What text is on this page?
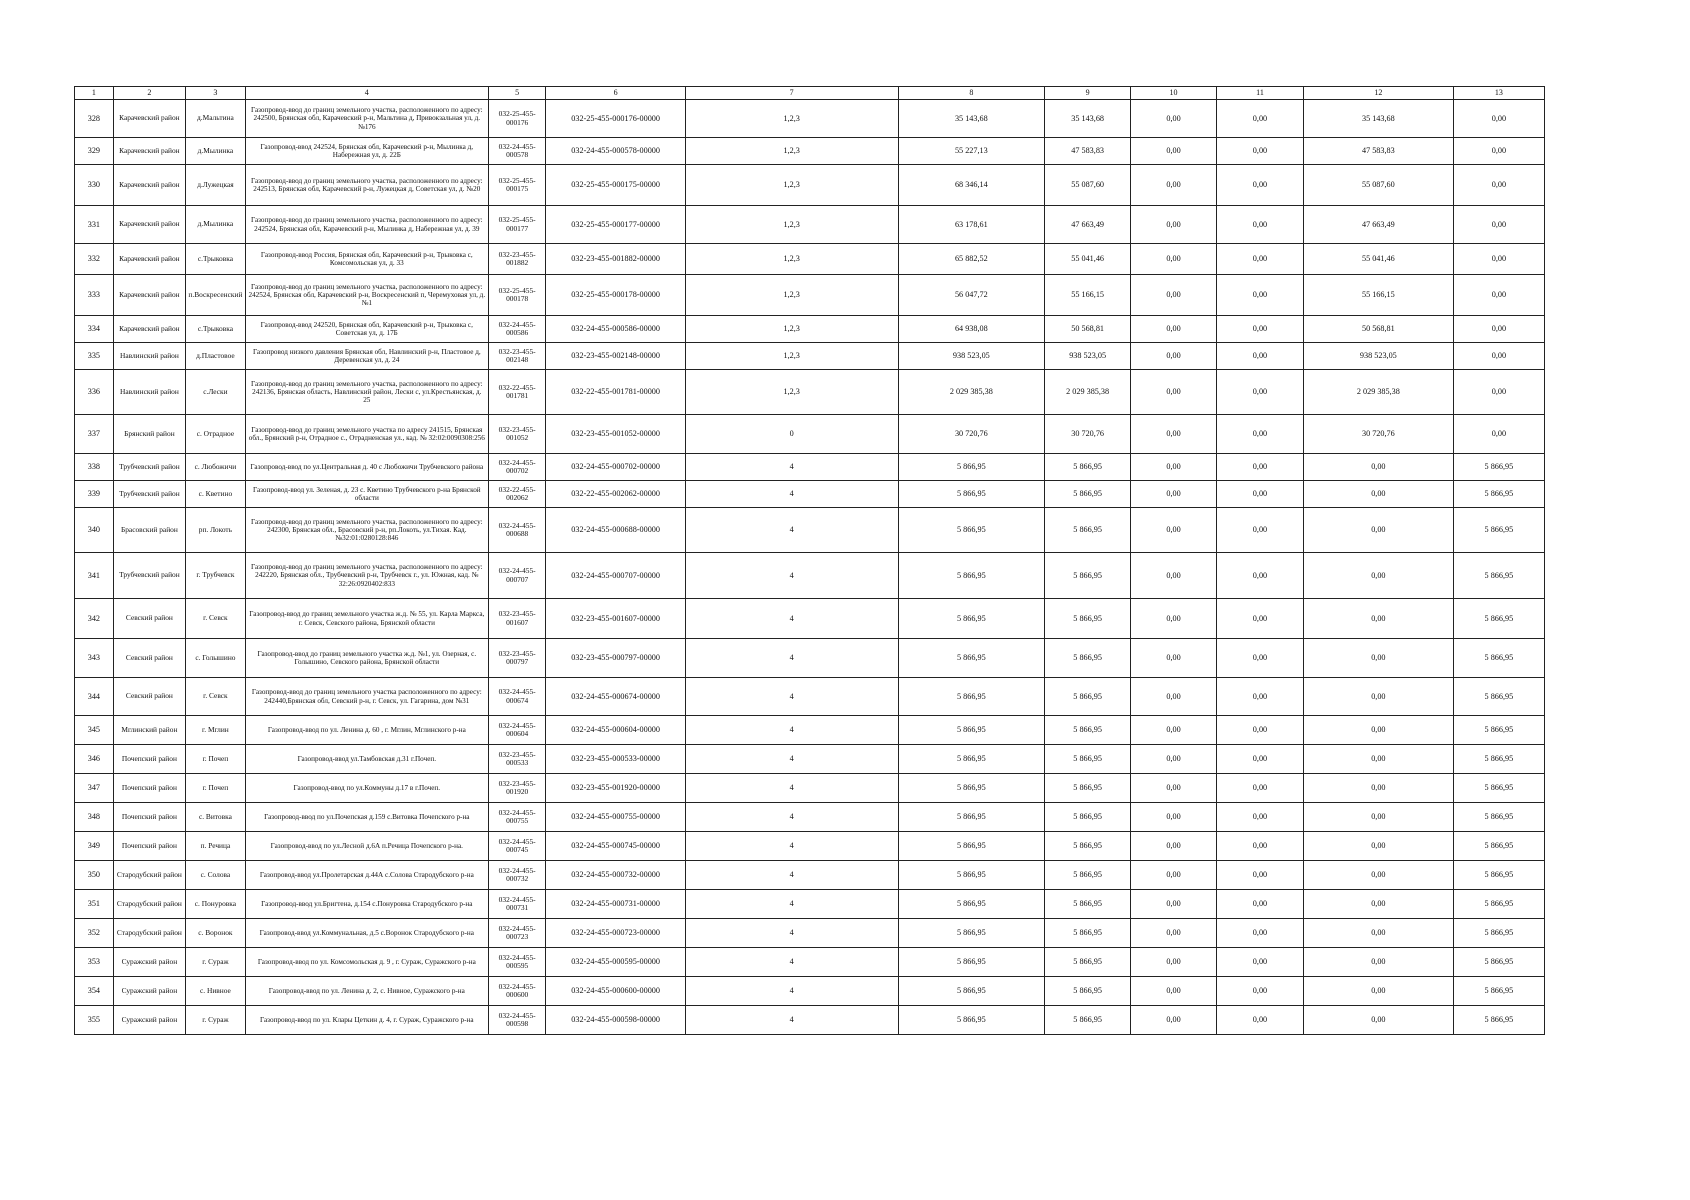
1	2	3	4	5	6	7	8	9	10	11	12	13
328	Карачевский район	д.Мальтина	Газопровод-ввод до границ земельного участка, расположенного по адресу: 242500, Брянская обл, Карачевский р-н, Мальтина д, Привокзальная ул, д. №176	032-25-455-000176	032-25-455-000176-00000	1,2,3	35 143,68	35 143,68	0,00	0,00	35 143,68	0,00
329	Карачевский район	д.Мылинка	Газопровод-ввод 242524, Брянская обл, Карачевский р-н, Мылинка д, Набережная ул, д. 22Б	032-24-455-000578	032-24-455-000578-00000	1,2,3	55 227,13	47 583,83	0,00	0,00	47 583,83	0,00
330	Карачевский район	д.Лужецкая	Газопровод-ввод до границ земельного участка, расположенного по адресу: 242513, Брянская обл, Карачевский р-н, Лужецкая д, Советская ул, д. №20	032-25-455-000175	032-25-455-000175-00000	1,2,3	68 346,14	55 087,60	0,00	0,00	55 087,60	0,00
331	Карачевский район	д.Мылинка	Газопровод-ввод до границ земельного участка, расположенного по адресу: 242524, Брянская обл, Карачевский р-н, Мылинка д, Набережная ул, д. 39	032-25-455-000177	032-25-455-000177-00000	1,2,3	63 178,61	47 663,49	0,00	0,00	47 663,49	0,00
332	Карачевский район	с.Трыковка	Газопровод-ввод Россия, Брянская обл, Карачевский р-н, Трыковка с, Комсомольская ул, д. 33	032-23-455-001882	032-23-455-001882-00000	1,2,3	65 882,52	55 041,46	0,00	0,00	55 041,46	0,00
333	Карачевский район	п.Воскресенский	Газопровод-ввод до границ земельного участка, расположенного по адресу: 242524, Брянская обл, Карачевский р-н, Воскресенский п, Черемуховая ул, д. №1	032-25-455-000178	032-25-455-000178-00000	1,2,3	56 047,72	55 166,15	0,00	0,00	55 166,15	0,00
334	Карачевский район	с.Трыковка	Газопровод-ввод 242520, Брянская обл, Карачевский р-н, Трыковка с, Советская ул, д. 17Б	032-24-455-000586	032-24-455-000586-00000	1,2,3	64 938,08	50 568,81	0,00	0,00	50 568,81	0,00
335	Навлинский район	д.Пластовое	Газопровод низкого давления Брянская обл, Навлинский р-н, Пластовое д, Деревенская ул, д. 24	032-23-455-002148	032-23-455-002148-00000	1,2,3	938 523,05	938 523,05	0,00	0,00	938 523,05	0,00
336	Навлинский район	с.Лески	Газопровод-ввод до границ земельного участка, расположенного по адресу: 242136, Брянская область, Навлинский район, Лески с, ул.Крестьянская, д. 25	032-22-455-001781	032-22-455-001781-00000	1,2,3	2 029 385,38	2 029 385,38	0,00	0,00	2 029 385,38	0,00
337	Брянский район	с. Отрадное	Газопровод-ввод до границ земельного участка по адресу 241515, Брянская обл., Брянский р-н, Отрадное с., Отрадненская ул., кад. № 32:02:0090308:256	032-23-455-001052	032-23-455-001052-00000	0	30 720,76	30 720,76	0,00	0,00	30 720,76	0,00
338	Трубчевский район	с. Любожичи	Газопровод-ввод по ул.Центральная д. 40 с Любожичи Трубчевского района	032-24-455-000702	032-24-455-000702-00000	4	5 866,95	5 866,95	0,00	0,00	0,00	5 866,95
339	Трубчевский район	с. Кветино	Газопровод-ввод ул. Зеленая, д. 23 с. Кветино Трубчевского р-на Брянской области	032-22-455-002062	032-22-455-002062-00000	4	5 866,95	5 866,95	0,00	0,00	0,00	5 866,95
340	Брасовский район	рп. Локоть	Газопровод-ввод до границ земельного участка, расположенного по адресу: 242300, Брянская обл., Брасовский р-н, рп.Локоть, ул.Тихая. Кад.№32:01:0280128:846	032-24-455-000688	032-24-455-000688-00000	4	5 866,95	5 866,95	0,00	0,00	0,00	5 866,95
341	Трубчевский район	г. Трубчевск	Газопровод-ввод до границ земельного участка, расположенного по адресу: 242220, Брянская обл., Трубчевский р-н, Трубчевск г., ул. Южная, кад. № 32:26:0920402:833	032-24-455-000707	032-24-455-000707-00000	4	5 866,95	5 866,95	0,00	0,00	0,00	5 866,95
342	Севский район	г. Севск	Газопровод-ввод до границ земельного участка ж.д. № 55, ул. Карла Маркса, г. Севск, Севского района, Брянской области	032-23-455-001607	032-23-455-001607-00000	4	5 866,95	5 866,95	0,00	0,00	0,00	5 866,95
343	Севский район	с. Голышино	Газопровод-ввод до границ земельного участка ж.д. №1, ул. Озерная, с. Голышино, Севского района, Брянской области	032-23-455-000797	032-23-455-000797-00000	4	5 866,95	5 866,95	0,00	0,00	0,00	5 866,95
344	Севский район	г. Севск	Газопровод-ввод до границ земельного участка расположенного по адресу: 242440,Брянская обл, Севский р-н, г. Севск, ул. Гагарина, дом №31	032-24-455-000674	032-24-455-000674-00000	4	5 866,95	5 866,95	0,00	0,00	0,00	5 866,95
345	Мглинский район	г. Мглин	Газопровод-ввод по ул. Ленина д. 60 , г. Мглин, Мглинского р-на	032-24-455-000604	032-24-455-000604-00000	4	5 866,95	5 866,95	0,00	0,00	0,00	5 866,95
346	Почепский район	г. Почеп	Газопровод-ввод ул.Тамбовская д.31 г.Почеп.	032-23-455-000533	032-23-455-000533-00000	4	5 866,95	5 866,95	0,00	0,00	0,00	5 866,95
347	Почепский район	г. Почеп	Газопровод-ввод по ул.Коммуны д.17 в г.Почеп.	032-23-455-001920	032-23-455-001920-00000	4	5 866,95	5 866,95	0,00	0,00	0,00	5 866,95
348	Почепский район	с. Витовка	Газопровод-ввод по ул.Почепская д.159 с.Витовка Почепского р-на	032-24-455-000755	032-24-455-000755-00000	4	5 866,95	5 866,95	0,00	0,00	0,00	5 866,95
349	Почепский район	п. Речица	Газопровод-ввод по ул.Лесной д.6А п.Речица Почепского р-на.	032-24-455-000745	032-24-455-000745-00000	4	5 866,95	5 866,95	0,00	0,00	0,00	5 866,95
350	Стародубский район	с. Солова	Газопровод-ввод ул.Пролетарская д.44А с.Солова Стародубского р-на	032-24-455-000732	032-24-455-000732-00000	4	5 866,95	5 866,95	0,00	0,00	0,00	5 866,95
351	Стародубский район	с. Понуровка	Газопровод-ввод ул.Бригтена, д.154 с.Понуровка Стародубского р-на	032-24-455-000731	032-24-455-000731-00000	4	5 866,95	5 866,95	0,00	0,00	0,00	5 866,95
352	Стародубский район	с. Воронок	Газопровод-ввод ул.Коммунальная, д.5 с.Воронок Стародубского р-на	032-24-455-000723	032-24-455-000723-00000	4	5 866,95	5 866,95	0,00	0,00	0,00	5 866,95
353	Суражский район	г. Сураж	Газопровод-ввод по ул. Комсомольская д. 9 , г. Сураж, Суражского р-на	032-24-455-000595	032-24-455-000595-00000	4	5 866,95	5 866,95	0,00	0,00	0,00	5 866,95
354	Суражский район	с. Нивное	Газопровод-ввод по ул. Ленина д. 2, с. Нивное, Суражского р-на	032-24-455-000600	032-24-455-000600-00000	4	5 866,95	5 866,95	0,00	0,00	0,00	5 866,95
355	Суражский район	г. Сураж	Газопровод-ввод по ул. Клары Цеткин д. 4, г. Сураж, Суражского р-на	032-24-455-000598	032-24-455-000598-00000	4	5 866,95	5 866,95	0,00	0,00	0,00	5 866,95
